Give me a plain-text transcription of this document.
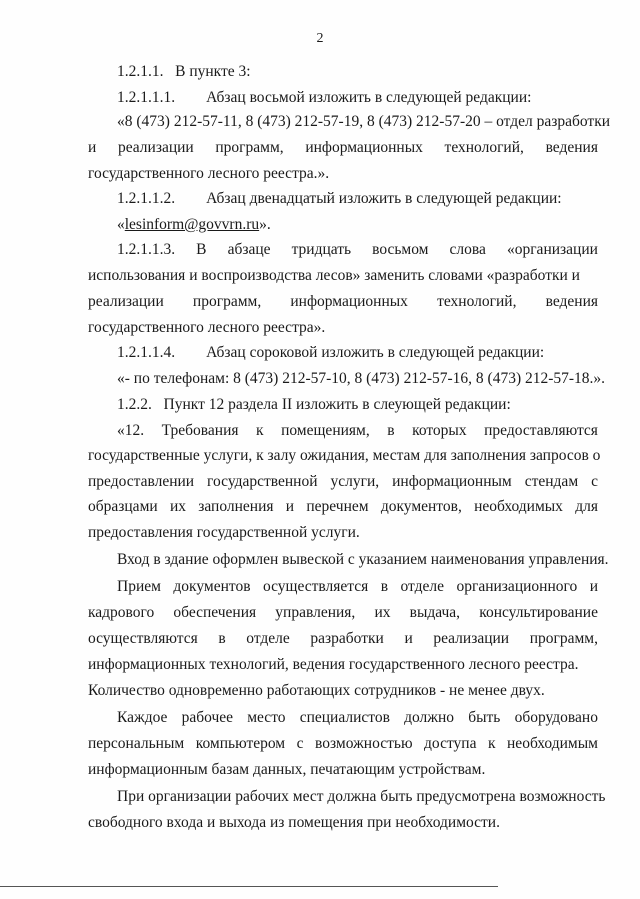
2
1.2.1.1.   В пункте 3:
1.2.1.1.1.        Абзац восьмой изложить в следующей редакции:
«8 (473) 212-57-11, 8 (473) 212-57-19, 8 (473) 212-57-20 – отдел разработки
и реализации программ, информационных технологий, ведения
государственного лесного реестра.».
1.2.1.1.2.        Абзац двенадцатый изложить в следующей редакции:
«lesinform@govvrn.ru».
1.2.1.1.3. В абзаце тридцать восьмом слова «организации
использования и воспроизводства лесов» заменить словами «разработки и
реализации программ, информационных технологий, ведения
государственного лесного реестра».
1.2.1.1.4.        Абзац сороковой изложить в следующей редакции:
«- по телефонам: 8 (473) 212-57-10, 8 (473) 212-57-16, 8 (473) 212-57-18.».
1.2.2.   Пункт 12 раздела II изложить в слеующей редакции:
«12. Требования к помещениям, в которых предоставляются
государственные услуги, к залу ожидания, местам для заполнения запросов о
предоставлении государственной услуги, информационным стендам с
образцами их заполнения и перечнем документов, необходимых для
предоставления государственной услуги.
Вход в здание оформлен вывеской с указанием наименования управления.
Прием документов осуществляется в отделе организационного и
кадрового обеспечения управления, их выдача, консультирование
осуществляются в отделе разработки и реализации программ,
информационных технологий, ведения государственного лесного реестра.
Количество одновременно работающих сотрудников - не менее двух.
Каждое рабочее место специалистов должно быть оборудовано
персональным компьютером с возможностью доступа к необходимым
информационным базам данных, печатающим устройствам.
При организации рабочих мест должна быть предусмотрена возможность
свободного входа и выхода из помещения при необходимости.
